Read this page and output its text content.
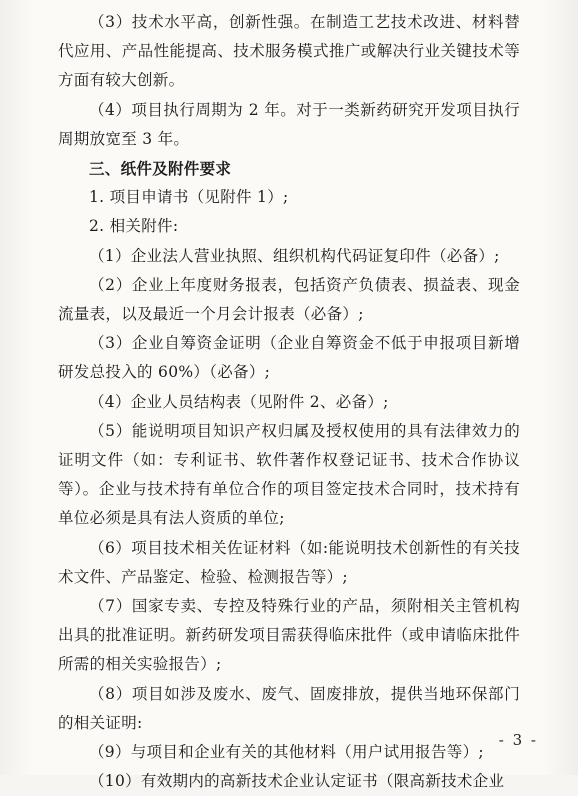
（3）技术水平高，创新性强。在制造工艺技术改进、材料替代应用、产品性能提高、技术服务模式推广或解决行业关键技术等方面有较大创新。

（4）项目执行周期为 2 年。对于一类新药研究开发项目执行周期放宽至 3 年。

三、纸件及附件要求

1. 项目申请书（见附件 1）;

2. 相关附件:

（1）企业法人营业执照、组织机构代码证复印件（必备）;

（2）企业上年度财务报表，包括资产负债表、损益表、现金流量表，以及最近一个月会计报表（必备）;

（3）企业自筹资金证明（企业自筹资金不低于申报项目新增研发总投入的 60%）（必备）;

（4）企业人员结构表（见附件 2、必备）;

（5）能说明项目知识产权归属及授权使用的具有法律效力的证明文件（如：专利证书、软件著作权登记证书、技术合作协议等）。企业与技术持有单位合作的项目签定技术合同时，技术持有单位必须是具有法人资质的单位;

（6）项目技术相关佐证材料（如:能说明技术创新性的有关技术文件、产品鉴定、检验、检测报告等）;

（7）国家专卖、专控及特殊行业的产品，须附相关主管机构出具的批准证明。新药研发项目需获得临床批件（或申请临床批件所需的相关实验报告）;

（8）项目如涉及废水、废气、固废排放，提供当地环保部门的相关证明:

（9）与项目和企业有关的其他材料（用户试用报告等）;

（10）有效期内的高新技术企业认定证书（限高新技术企业

- 3 -
